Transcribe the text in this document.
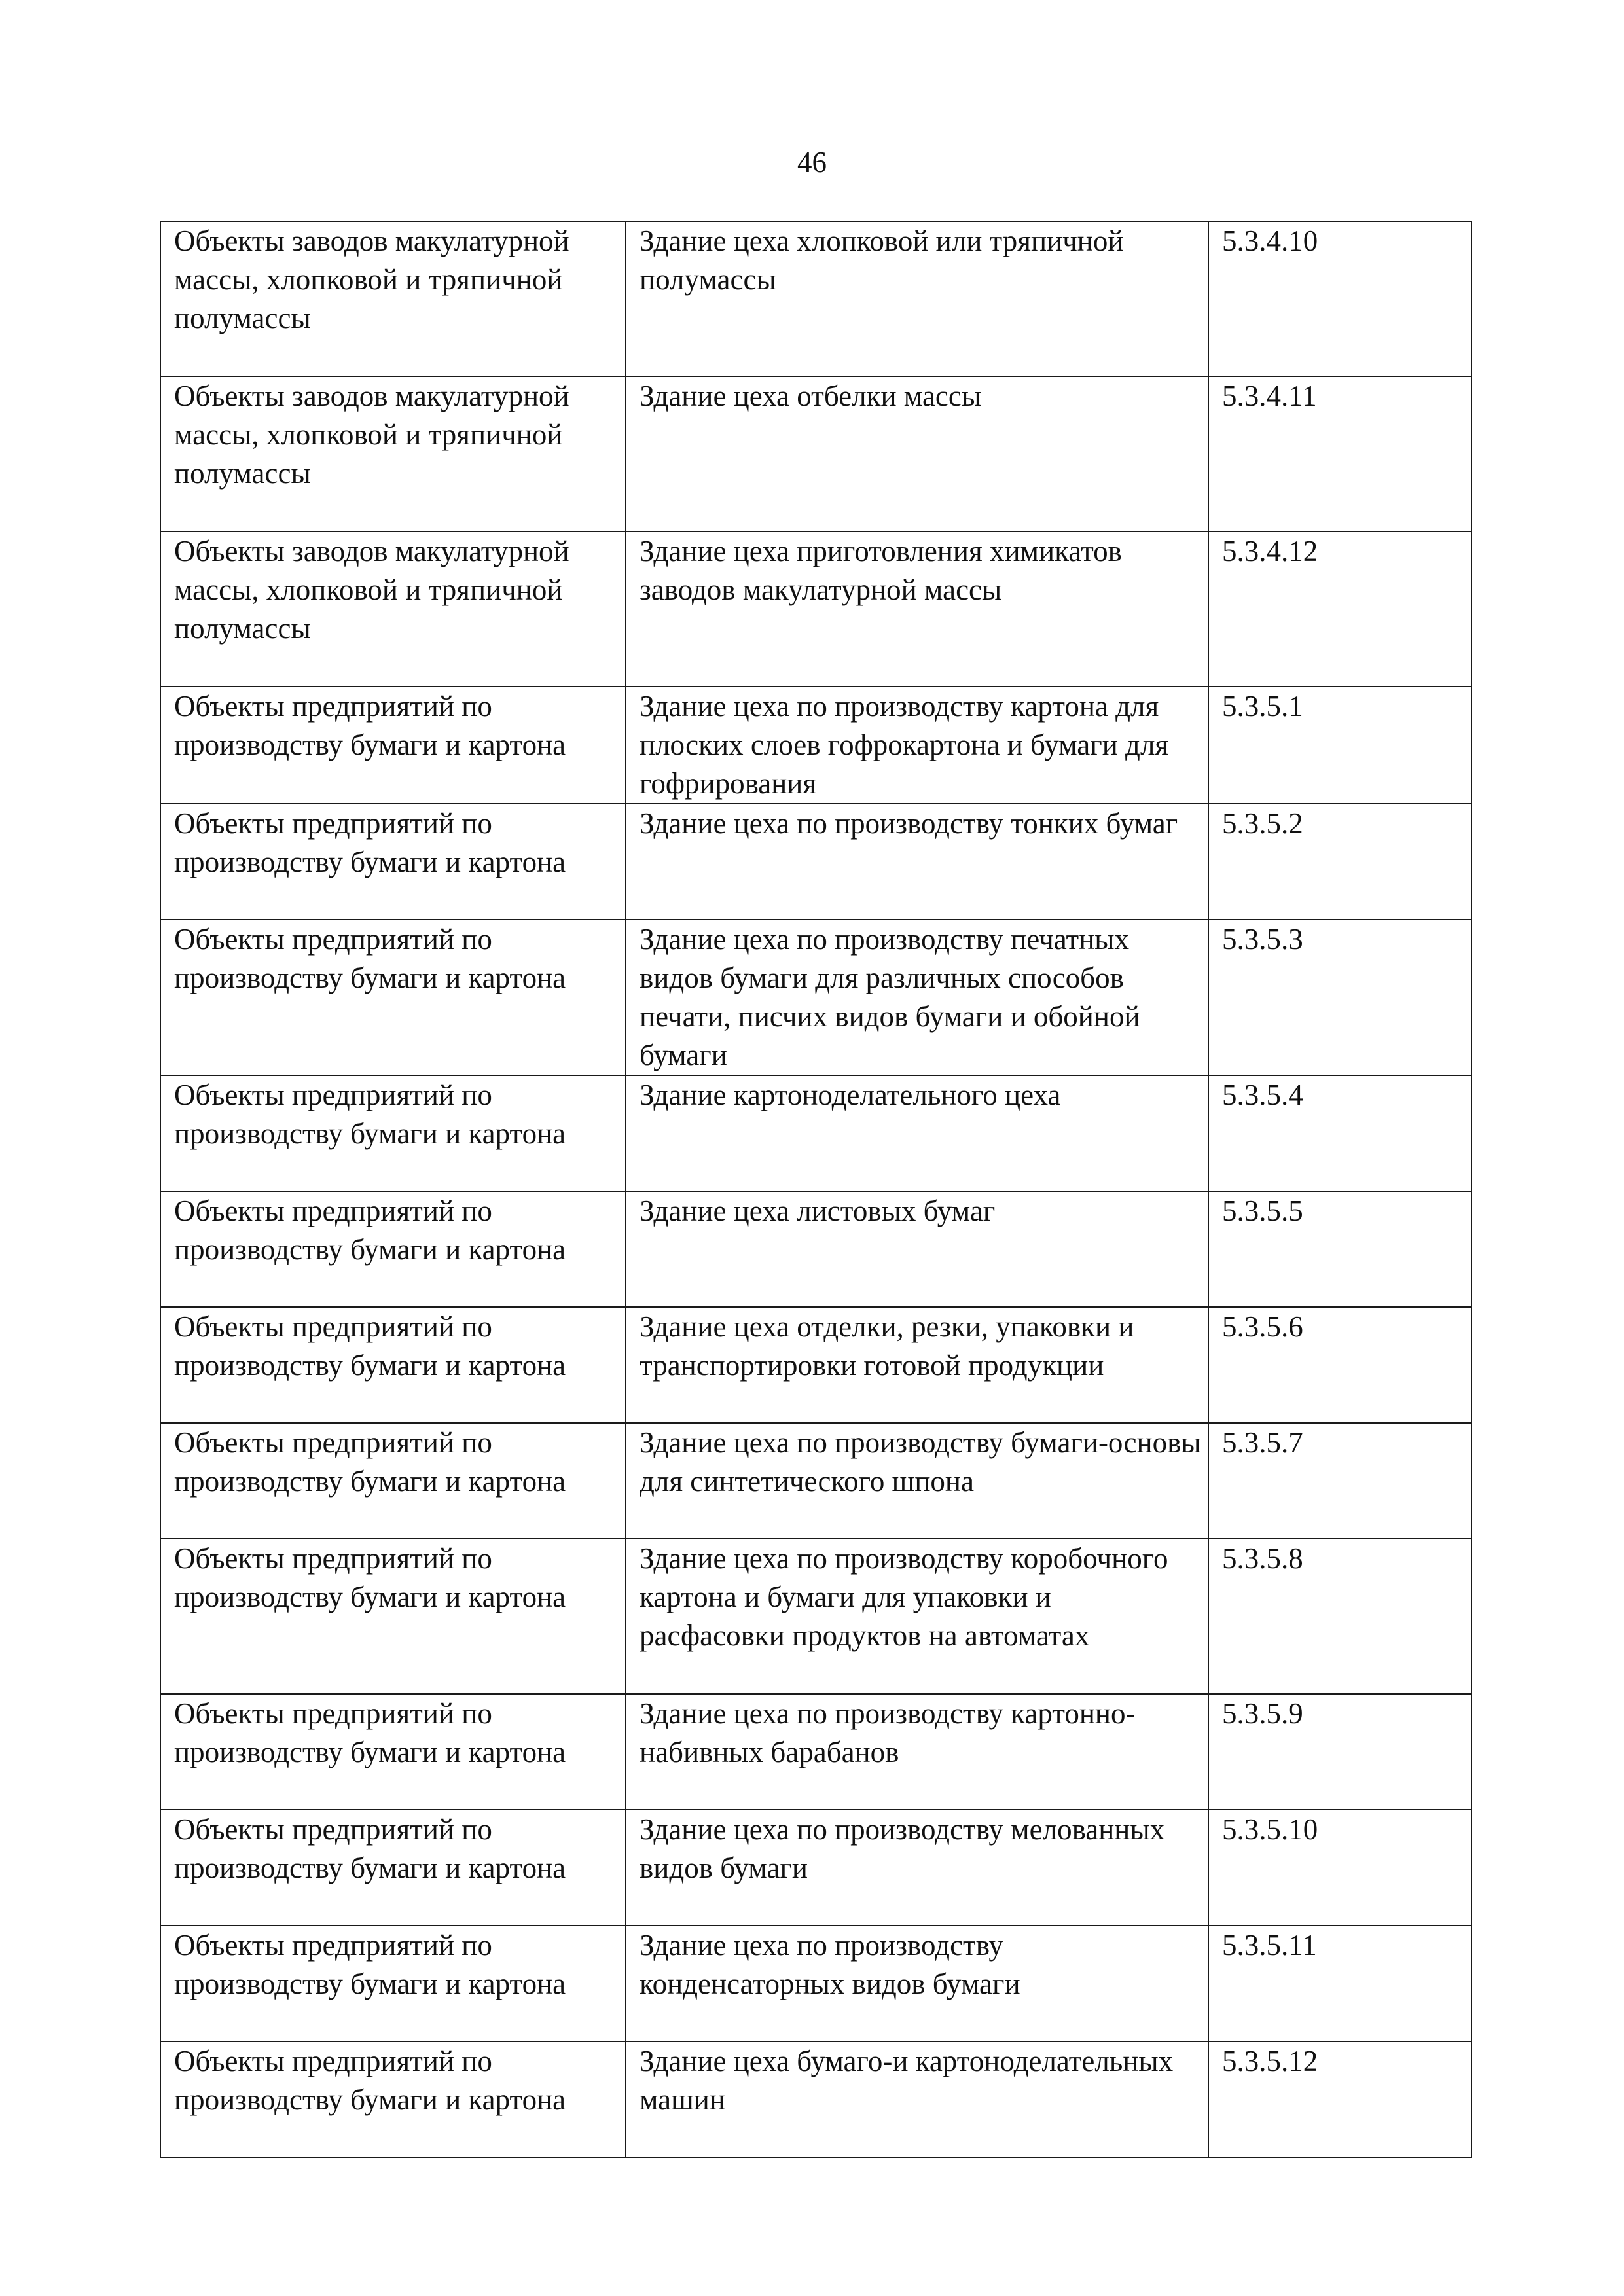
46
Объекты заводов макулатурной массы, хлопковой и тряпичной полумассы	Здание цеха хлопковой или тряпичной полумассы	5.3.4.10
Объекты заводов макулатурной массы, хлопковой и тряпичной полумассы	Здание цеха отбелки массы	5.3.4.11
Объекты заводов макулатурной массы, хлопковой и тряпичной полумассы	Здание цеха приготовления химикатов заводов макулатурной массы	5.3.4.12
Объекты предприятий по производству бумаги и картона	Здание цеха по производству картона для плоских слоев гофрокартона и бумаги для гофрирования	5.3.5.1
Объекты предприятий по производству бумаги и картона	Здание цеха по производству тонких бумаг	5.3.5.2
Объекты предприятий по производству бумаги и картона	Здание цеха по производству печатных видов бумаги для различных способов печати, писчих видов бумаги и обойной бумаги	5.3.5.3
Объекты предприятий по производству бумаги и картона	Здание картоноделательного цеха	5.3.5.4
Объекты предприятий по производству бумаги и картона	Здание цеха листовых бумаг	5.3.5.5
Объекты предприятий по производству бумаги и картона	Здание цеха отделки, резки, упаковки и транспортировки готовой продукции	5.3.5.6
Объекты предприятий по производству бумаги и картона	Здание цеха по производству бумаги-основы для синтетического шпона	5.3.5.7
Объекты предприятий по производству бумаги и картона	Здание цеха по производству коробочного картона и бумаги для упаковки и расфасовки продуктов на автоматах	5.3.5.8
Объекты предприятий по производству бумаги и картона	Здание цеха по производству картонно-набивных барабанов	5.3.5.9
Объекты предприятий по производству бумаги и картона	Здание цеха по производству мелованных видов бумаги	5.3.5.10
Объекты предприятий по производству бумаги и картона	Здание цеха по производству конденсаторных видов бумаги	5.3.5.11
Объекты предприятий по производству бумаги и картона	Здание цеха бумаго-и картоноделательных машин	5.3.5.12
